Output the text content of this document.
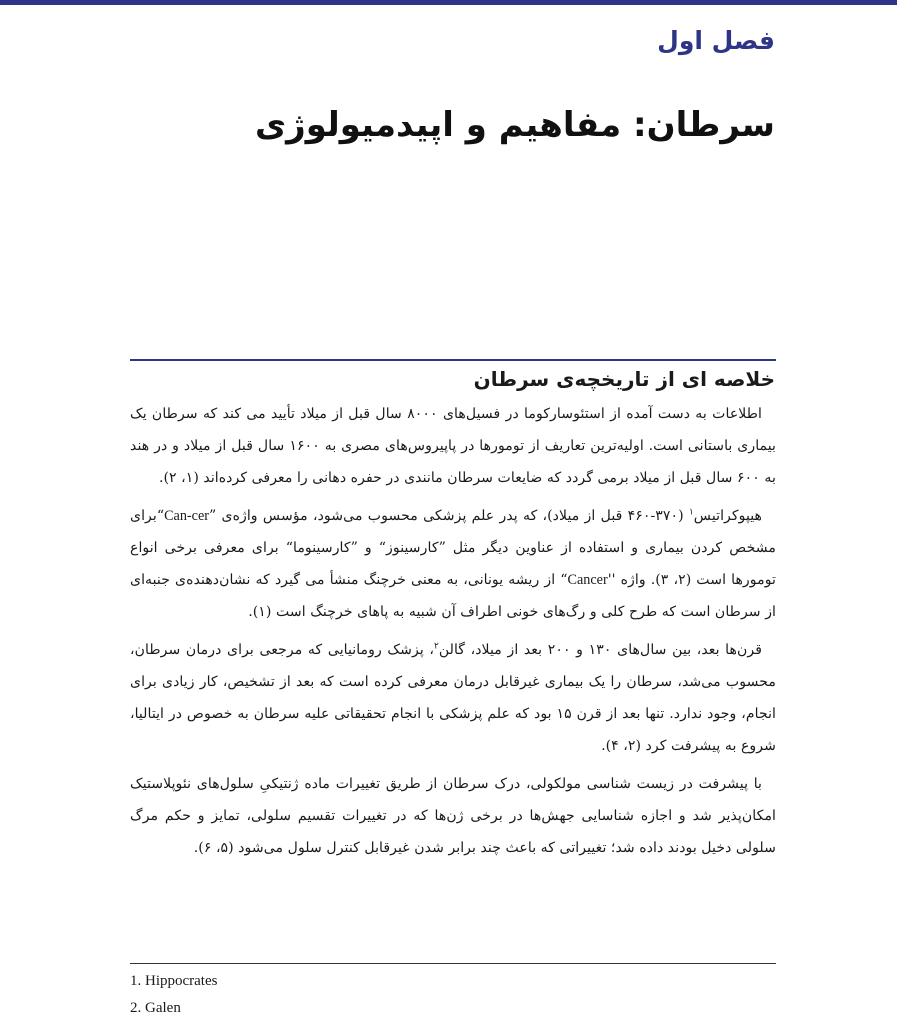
فصل اول
سرطان: مفاهیم و اپیدمیولوژی
خلاصه ای از تاریخچه‌ی سرطان

اطلاعات به دست آمده از استئوسارکوما در فسیل‌های ۸۰۰۰ سال قبل از میلاد تأیید می کند که سرطان یک بیماری باستانی است. اولیه‌ترین تعاریف از تومورها در پاپیروس‌های مصری به ۱۶۰۰ سال قبل از میلاد و در هند به ۶۰۰ سال قبل از میلاد برمی گردد که ضایعات سرطان مانندی در حفره دهانی را معرفی کرده‌اند (۱، ۲).

هیپوکراتیس$^۱$ (۳۷۰-۴۶۰ قبل از میلاد)، که پدر علم پزشکی محسوب می‌شود، مؤسس واژه‌ی ”Can-cer“برای مشخص کردن بیماری و استفاده از عناوین دیگر مثل ”کارسینوز“ و ”کارسینوما“ برای معرفی برخی انواع تومورها است (۲، ۳). واژه ''Cancer“ از ریشه یونانی، به معنی خرچنگ منشأ می گیرد که نشان‌دهنده‌ی جنبه‌ای از سرطان است که طرح کلی و رگ‌های خونی اطراف آن شبیه به پاهای خرچنگ است (۱).

قرن‌ها بعد، بین سال‌های ۱۳۰ و ۲۰۰ بعد از میلاد، گالن$^۲$، پزشک رومانیایی که مرجعی برای درمان سرطان، محسوب می‌شد، سرطان را یک بیماری غیرقابل درمان معرفی کرده است که بعد از تشخیص، کار زیادی برای انجام، وجود ندارد. تنها بعد از قرن ۱۵ بود که علم پزشکی با انجام تحقیقاتی علیه سرطان به خصوص در ایتالیا، شروع به پیشرفت کرد (۲، ۴).

با پیشرفت در زیست شناسی مولکولی، درک سرطان از طریق تغییرات ماده ژنتیکیِ سلول‌های نئوپلاستیک امکان‌پذیر شد و اجازه شناسایی جهش‌ها در برخی ژن‌ها که در تغییرات تقسیم سلولی، تمایز و حکم مرگ سلولی دخیل بودند داده شد؛ تغییراتی که باعث چند برابر شدن غیرقابل کنترل سلول می‌شود (۵، ۶).

1. Hippocrates
2. Galen
